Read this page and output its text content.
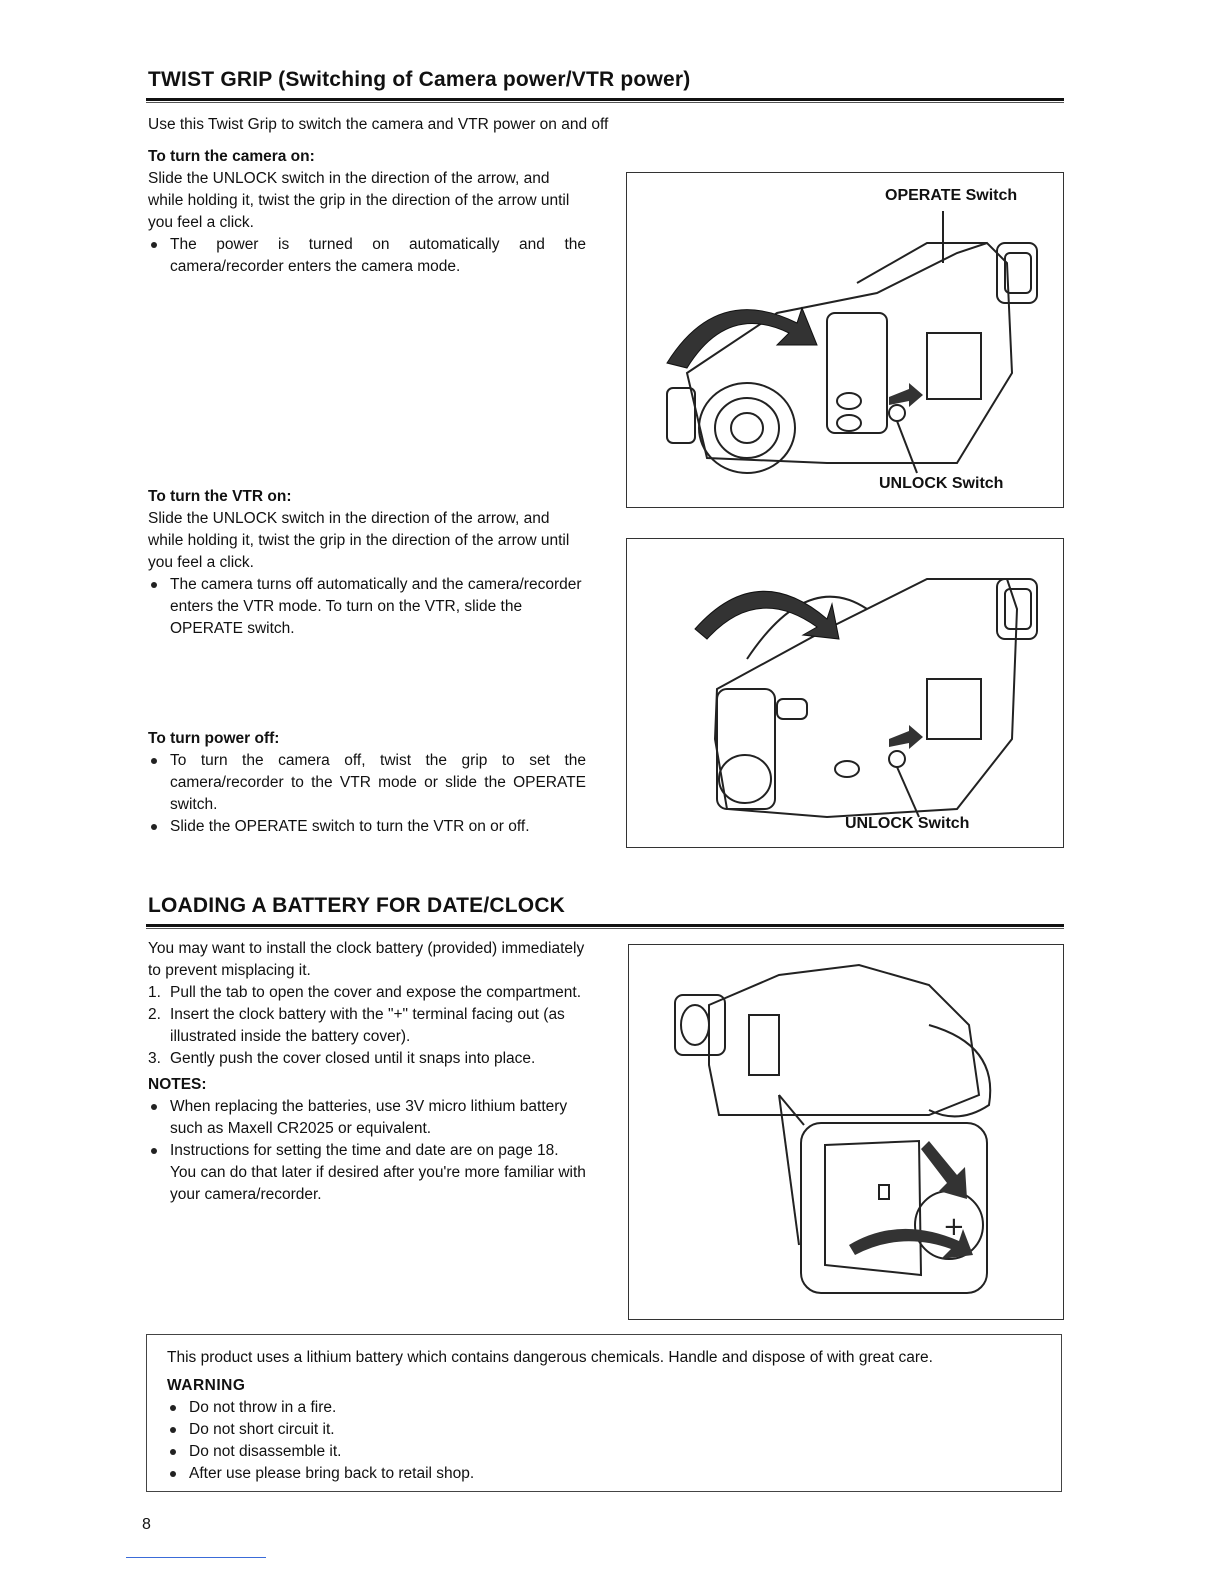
TWIST GRIP (Switching of Camera power/VTR power)
Use this Twist Grip to switch the camera and VTR power on and off
To turn the camera on:
Slide the UNLOCK switch in the direction of the arrow, and while holding it, twist the grip in the direction of the arrow until you feel a click.
The power is turned on automatically and the camera/recorder enters the camera mode.
To turn the VTR on:
Slide the UNLOCK switch in the direction of the arrow, and while holding it, twist the grip in the direction of the arrow until you feel a click.
The camera turns off automatically and the camera/recorder enters the VTR mode. To turn on the VTR, slide the OPERATE switch.
To turn power off:
To turn the camera off, twist the grip to set the camera/recorder to the VTR mode or slide the OPERATE switch.
Slide the OPERATE switch to turn the VTR on or off.
OPERATE Switch
UNLOCK Switch
UNLOCK Switch
LOADING A BATTERY FOR DATE/CLOCK
You may want to install the clock battery (provided) immediately to prevent misplacing it.
1. Pull the tab to open the cover and expose the compartment.
2. Insert the clock battery with the "+" terminal facing out (as illustrated inside the battery cover).
3. Gently push the cover closed until it snaps into place.
NOTES:
When replacing the batteries, use 3V micro lithium battery such as Maxell CR2025 or equivalent.
Instructions for setting the time and date are on page 18. You can do that later if desired after you're more familiar with your camera/recorder.
+
This product uses a lithium battery which contains dangerous chemicals. Handle and dispose of with great care.
WARNING
Do not throw in a fire.
Do not short circuit it.
Do not disassemble it.
After use please bring back to retail shop.
8
